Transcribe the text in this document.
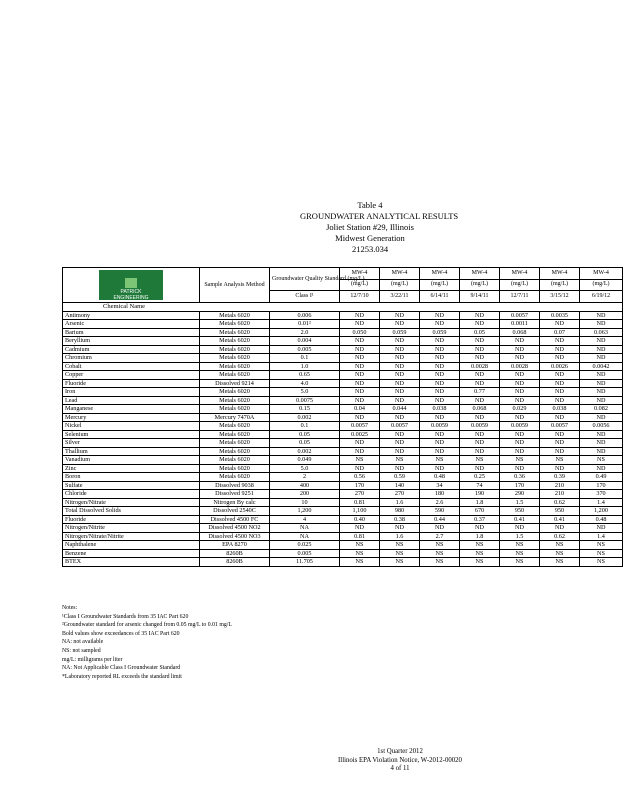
Table 4
GROUNDWATER ANALYTICAL RESULTS
Joliet Station #29, Illinois
Midwest Generation
21253.034
PATRICK
ENGINEERING	Sample Analysis Method	Groundwater Quality Standard (mg/L)	MW-4	MW-4	MW-4	MW-4	MW-4	MW-4	MW-4
			(mg/L)	(mg/L)	(mg/L)	(mg/L)	(mg/L)	(mg/L)	(mg/L)
		Class I¹	12/7/10	3/22/11	6/14/11	9/14/11	12/7/11	3/15/12	6/19/12
Chemical Name									
Antimony	Metals 6020	0.006	ND	ND	ND	ND	0.0057	0.0035	ND
Arsenic	Metals 6020	0.01²	ND	ND	ND	ND	0.0011	ND	ND
Barium	Metals 6020	2.0	0.050	0.059	0.059	0.05	0.068	0.07	0.063
Beryllium	Metals 6020	0.004	ND	ND	ND	ND	ND	ND	ND
Cadmium	Metals 6020	0.005	ND	ND	ND	ND	ND	ND	ND
Chromium	Metals 6020	0.1	ND	ND	ND	ND	ND	ND	ND
Cobalt	Metals 6020	1.0	ND	ND	ND	0.0028	0.0028	0.0026	0.0042
Copper	Metals 6020	0.65	ND	ND	ND	ND	ND	ND	ND
Fluoride	Dissolved 9214	4.0	ND	ND	ND	ND	ND	ND	ND
Iron	Metals 6020	5.0	ND	ND	ND	0.77	ND	ND	ND
Lead	Metals 6020	0.0075	ND	ND	ND	ND	ND	ND	ND
Manganese	Metals 6020	0.15	0.04	0.044	0.038	0.068	0.029	0.038	0.082
Mercury	Mercury 7470A	0.002	ND	ND	ND	ND	ND	ND	ND
Nickel	Metals 6020	0.1	0.0057	0.0057	0.0059	0.0059	0.0059	0.0057	0.0056
Selenium	Metals 6020	0.05	0.0025	ND	ND	ND	ND	ND	ND
Silver	Metals 6020	0.05	ND	ND	ND	ND	ND	ND	ND
Thallium	Metals 6020	0.002	ND	ND	ND	ND	ND	ND	ND
Vanadium	Metals 6020	0.049	NS	NS	NS	NS	NS	NS	NS
Zinc	Metals 6020	5.0	ND	ND	ND	ND	ND	ND	ND
Boron	Metals 6020	2	0.56	0.59	0.48	0.25	0.36	0.39	0.49
Sulfate	Dissolved 9038	400	170	140	34	74	170	210	170
Chloride	Dissolved 9251	200	270	270	180	190	290	210	370
Nitrogen/Nitrate	Nitrogen By calc	10	0.81	1.6	2.6	1.8	1.5	0.62	1.4
Total Dissolved Solids	Dissolved 2540C	1,200	1,100	980	590	670	950	950	1,200
Fluoride	Dissolved 4500 FC	4	0.40	0.38	0.44	0.37	0.41	0.41	0.48
Nitrogen/Nitrite	Dissolved 4500 NO2	NA	ND	ND	ND	ND	ND	ND	ND
Nitrogen/Nitrate/Nitrite	Dissolved 4500 NO3	NA	0.81	1.6	2.7	1.8	1.5	0.62	1.4
Naphthalene	EPA 8270	0.025	NS	NS	NS	NS	NS	NS	NS
Benzene	8260B	0.005	NS	NS	NS	NS	NS	NS	NS
BTEX	8260B	11.705	NS	NS	NS	NS	NS	NS	NS
Notes:
¹Class I Groundwater Standards from 35 IAC Part 620
²Groundwater standard for arsenic changed from 0.05 mg/L to 0.01 mg/L
Bold values show exceedances of 35 IAC Part 620
NA: not available
NS: not sampled
mg/L: milligrams per liter
NA: Not Applicable Class I Groundwater Standard
*Laboratory reported RL exceeds the standard limit
1st Quarter 2012
Illinois EPA Violation Notice, W-2012-00020
4 of 11
